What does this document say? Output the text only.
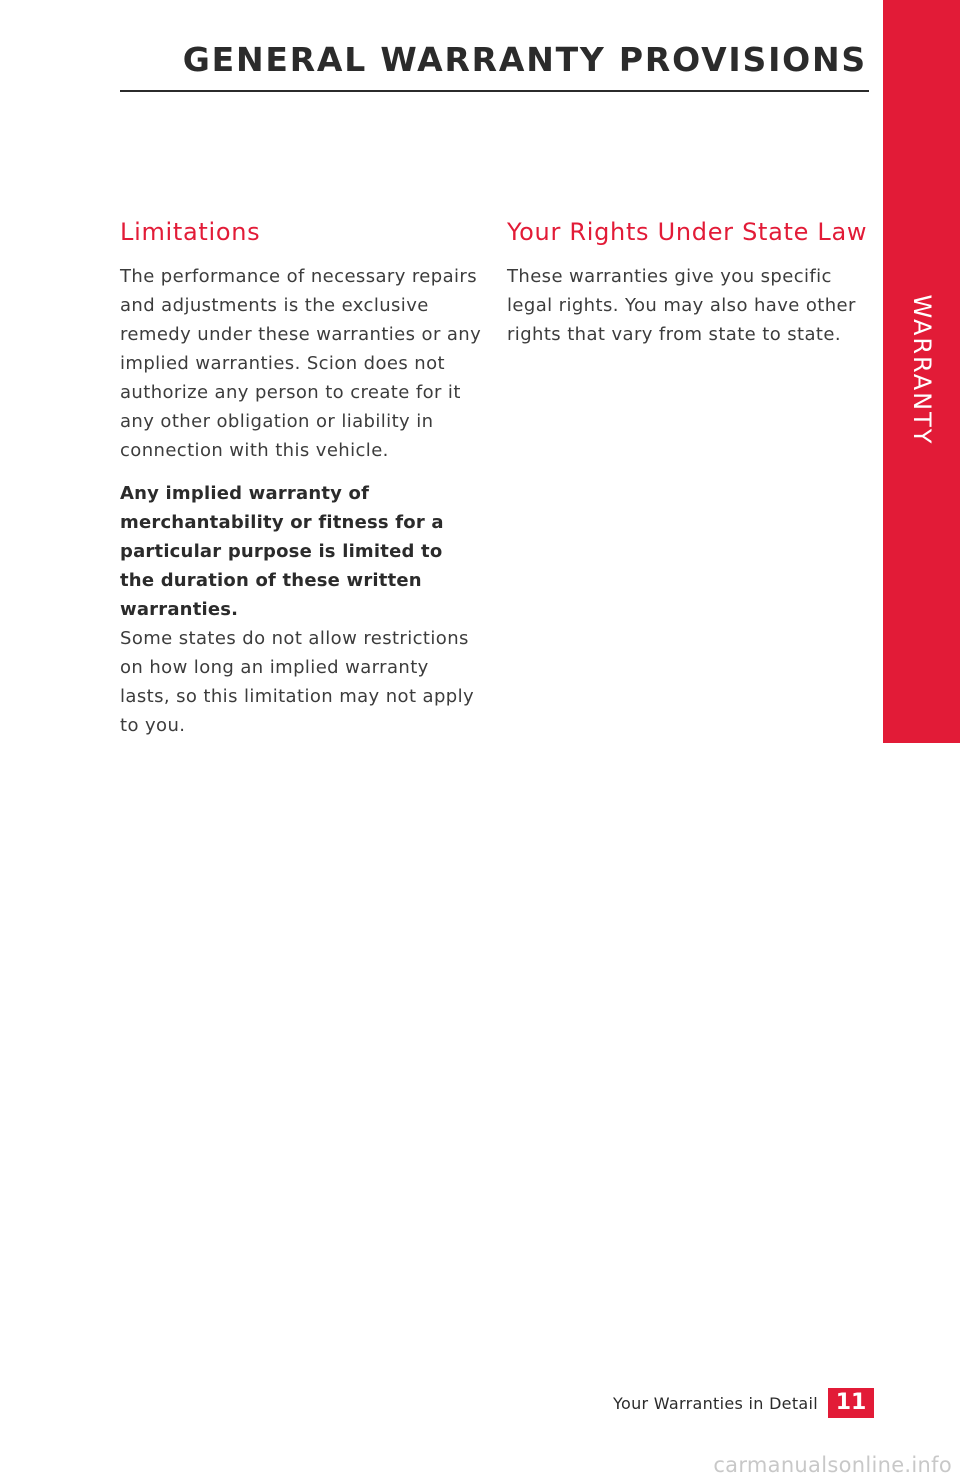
GENERAL WARRANTY PROVISIONS
WARRANTY
Limitations

The performance of necessary repairs and adjustments is the exclusive remedy under these warranties or any implied warranties. Scion does not authorize any person to create for it any other obligation or liability in connection with this vehicle.

Any implied warranty of merchantability or fitness for a particular purpose is limited to the duration of these written warranties.

Some states do not allow restrictions on how long an implied warranty lasts, so this limitation may not apply to you.

Your Rights Under State Law

These warranties give you specific legal rights. You may also have other rights that vary from state to state.

Your Warranties in Detail 11
carmanualsonline.info
